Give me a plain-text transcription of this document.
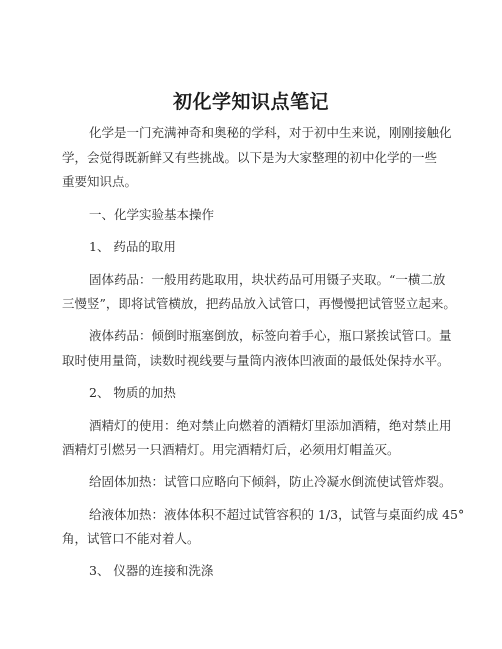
初化学知识点笔记
化学是一门充满神奇和奥秘的学科，对于初中生来说，刚刚接触化
学，会觉得既新鲜又有些挑战。以下是为大家整理的初中化学的一些
重要知识点。
一、化学实验基本操作
1、 药品的取用
固体药品：一般用药匙取用，块状药品可用镊子夹取。“一横二放
三慢竖”，即将试管横放，把药品放入试管口，再慢慢把试管竖立起来。
液体药品：倾倒时瓶塞倒放，标签向着手心，瓶口紧挨试管口。量
取时使用量筒，读数时视线要与量筒内液体凹液面的最低处保持水平。
2、 物质的加热
酒精灯的使用：绝对禁止向燃着的酒精灯里添加酒精，绝对禁止用
酒精灯引燃另一只酒精灯。用完酒精灯后，必须用灯帽盖灭。
给固体加热：试管口应略向下倾斜，防止冷凝水倒流使试管炸裂。
给液体加热：液体体积不超过试管容积的 1/3，试管与桌面约成 45°
角，试管口不能对着人。
3、 仪器的连接和洗涤
